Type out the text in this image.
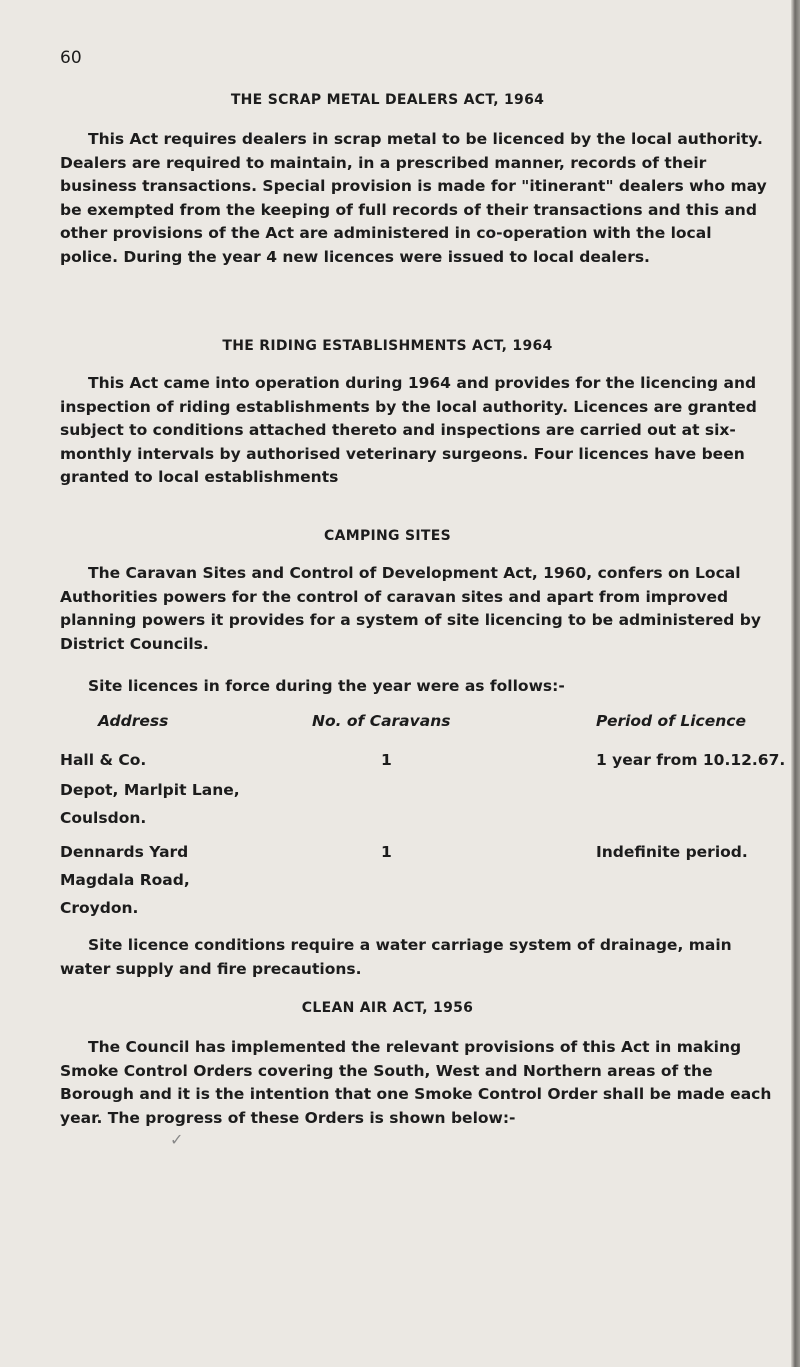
60
THE SCRAP METAL DEALERS ACT, 1964

This Act requires dealers in scrap metal to be licenced by the local authority. Dealers are required to maintain, in a prescribed manner, records of their business transactions. Special provision is made for "itinerant" dealers who may be exempted from the keeping of full records of their transactions and this and other provisions of the Act are administered in co-operation with the local police. During the year 4 new licences were issued to local dealers.

THE RIDING ESTABLISHMENTS ACT, 1964

This Act came into operation during 1964 and provides for the licencing and inspection of riding establishments by the local authority. Licences are granted subject to conditions attached thereto and inspections are carried out at six- monthly intervals by authorised veterinary surgeons. Four licences have been granted to local establishments

CAMPING SITES

The Caravan Sites and Control of Development Act, 1960, confers on Local Authorities powers for the control of caravan sites and apart from improved planning powers it provides for a system of site licencing to be administered by District Councils.

Site licences in force during the year were as follows:-

Address	No. of Caravans	Period of Licence
Hall & Co.
Depot, Marlpit Lane,
Coulsdon.
1	1 year from 10.12.67.
Dennards Yard
Magdala Road,
Croydon.
1	Indefinite period.

Site licence conditions require a water carriage system of drainage, main water supply and fire precautions.

CLEAN AIR ACT, 1956

The Council has implemented the relevant provisions of this Act in making Smoke Control Orders covering the South, West and Northern areas of the Borough and it is the intention that one Smoke Control Order shall be made each year. The progress of these Orders is shown below:-

✓
